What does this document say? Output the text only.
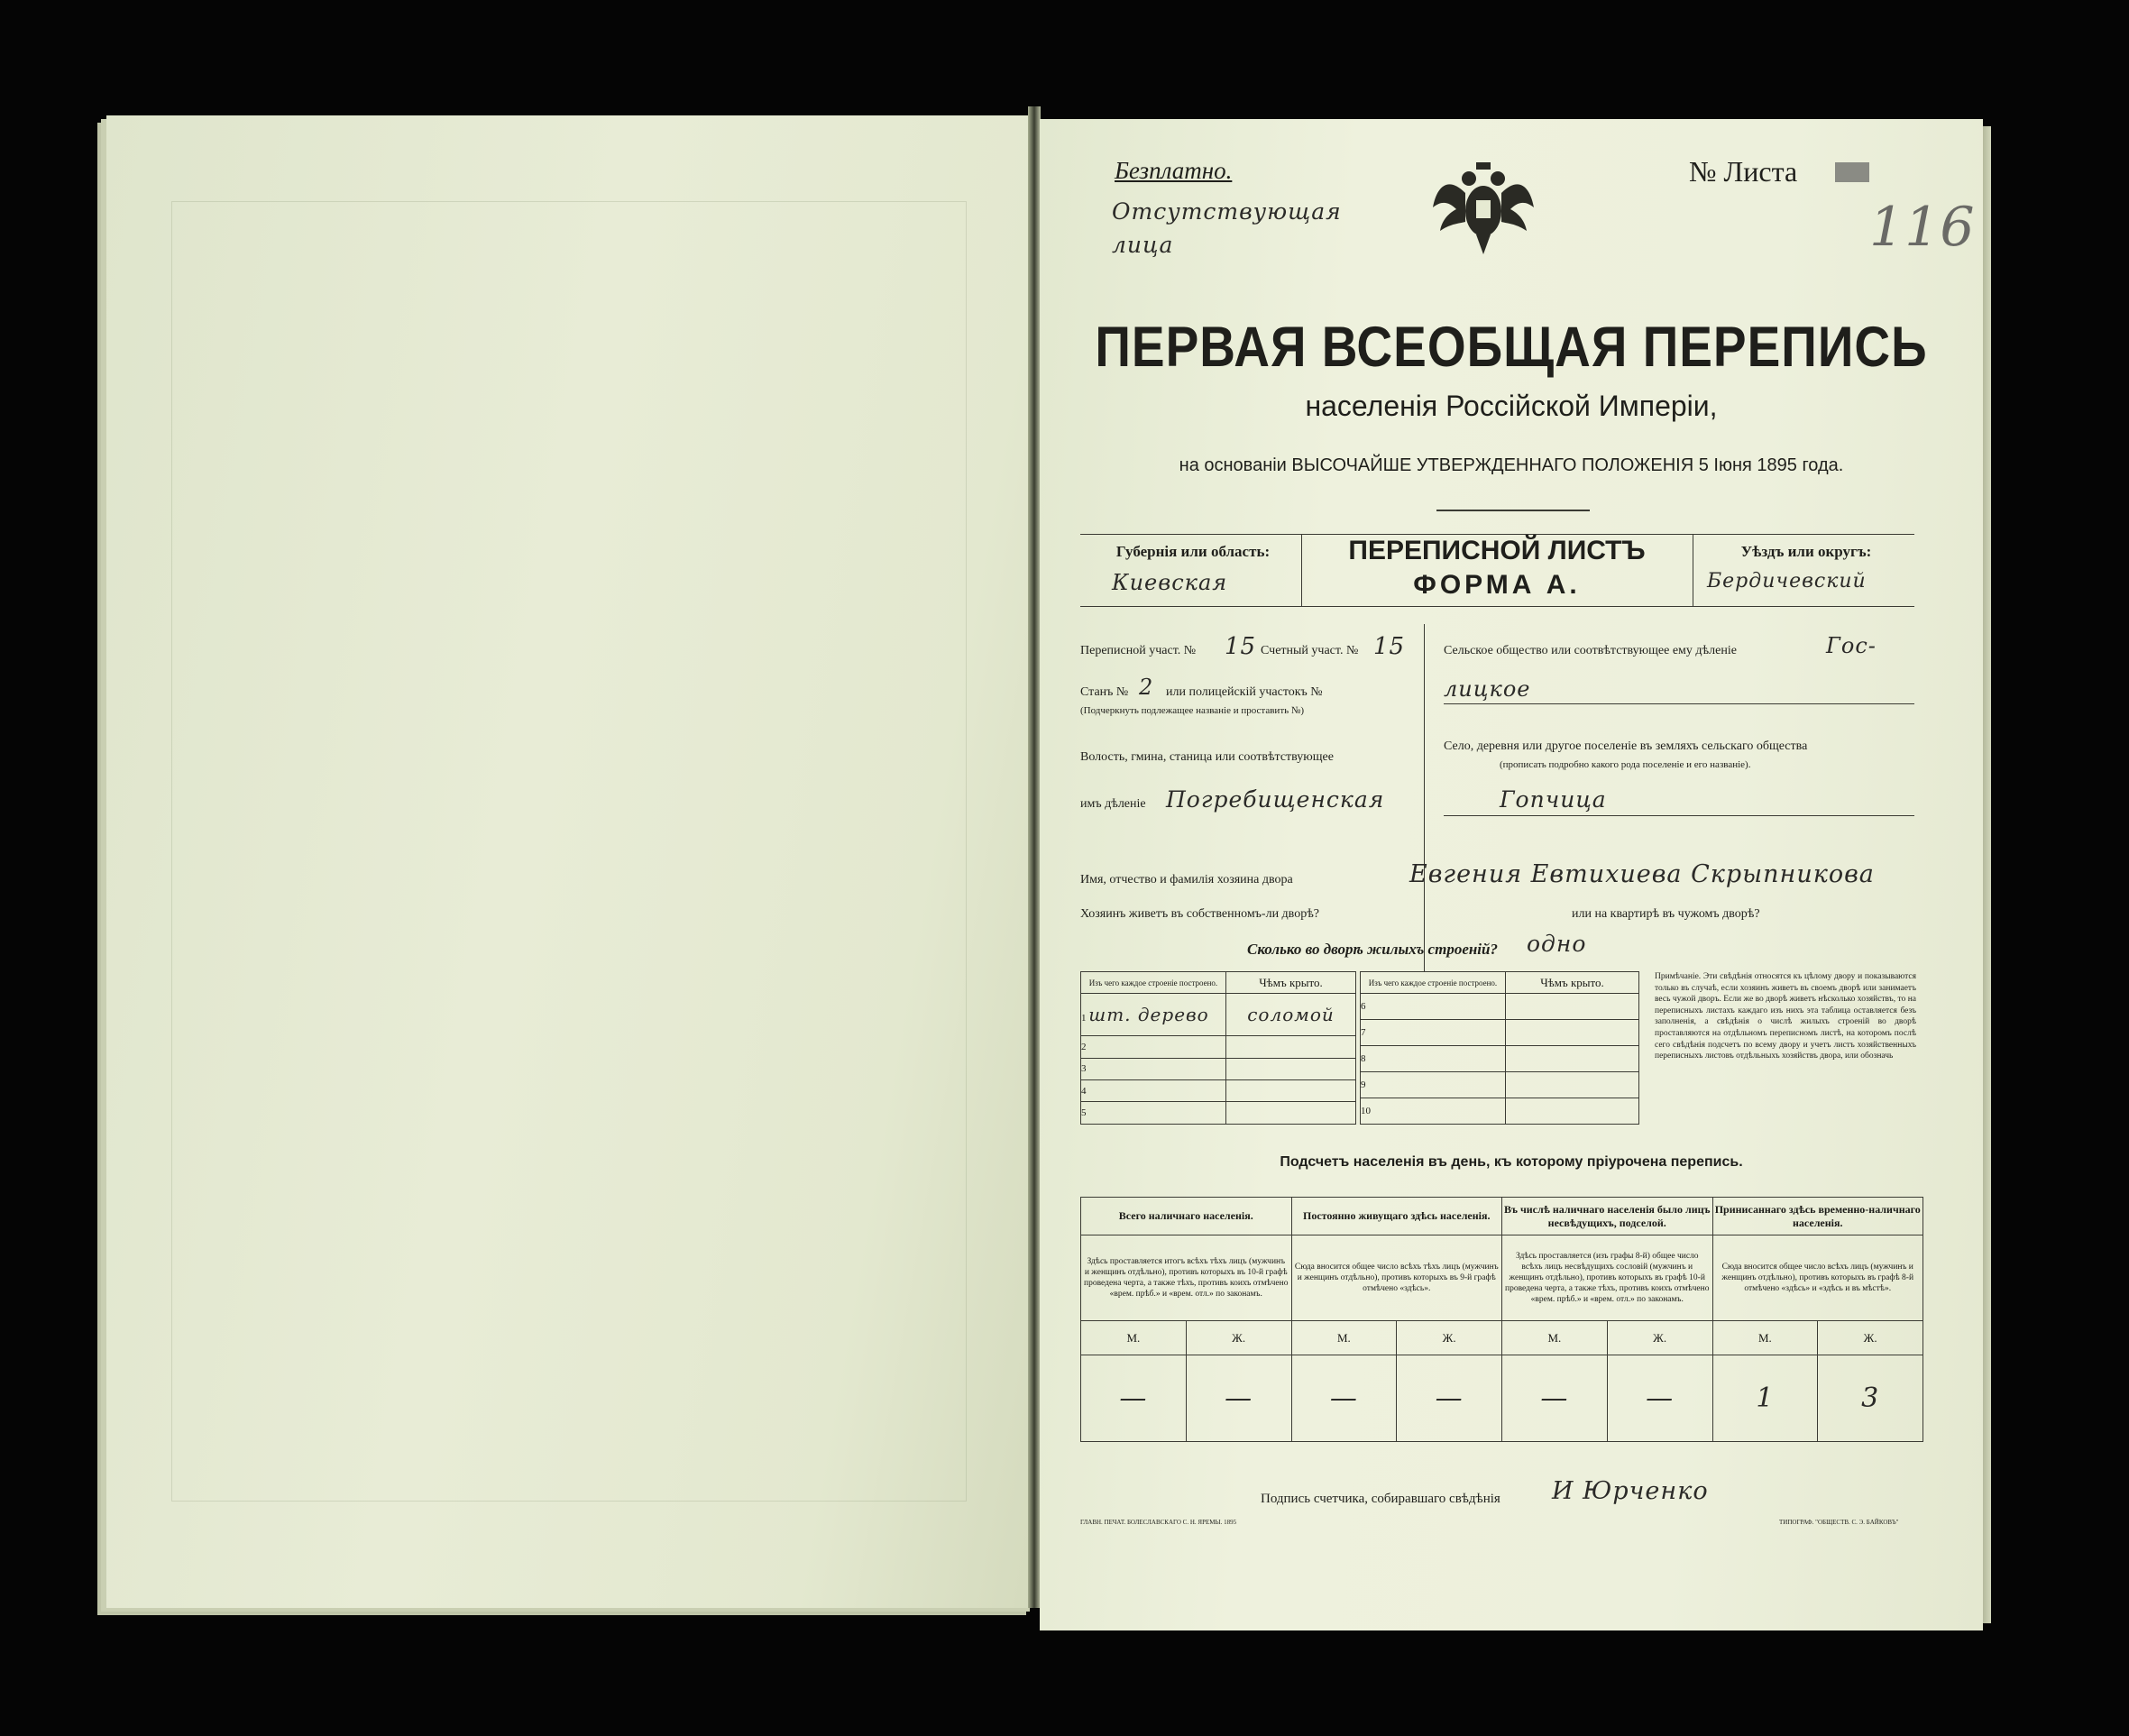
Безплатно.	№ Листа
116
Отсутствующая
лица
ПЕРВАЯ ВСЕОБЩАЯ ПЕРЕПИСЬ
населенія Россійской Имперіи,
на основаніи ВЫСОЧАЙШЕ УТВЕРЖДЕННАГО ПОЛОЖЕНІЯ 5 Іюня 1895 года.
Губернія или область:
Киевская
ПЕРЕПИСНОЙ ЛИСТЪ
ФОРМА А.
Уѣздъ или округъ:
Бердичевский
Переписной участ. № 15 Счетный участ. № 15
Станъ № 2 или полицейскій участокъ №
(Подчеркнуть подлежащее названіе и проставить №)
Волость, гмина, станица или соотвѣтствующее
имъ дѣленіе Погребищенская
Сельское общество или соотвѣтствующее ему дѣленіе	Гос-
лицкое
Село, деревня или другое поселеніе въ земляхъ сельскаго общества
(прописать подробно какого рода поселеніе и его названіе).
Гопчица
Имя, отчество и фамилія хозяина двора	Евгения Евтихиева Скрыпникова
Хозяинъ живетъ въ собственномъ-ли дворѣ?	или на квартирѣ въ чужомъ дворѣ?
Сколько во дворѣ жилыхъ строеній? одно
Изъ чего каждое строеніе построено.	Чѣмъ крыто.
1 шт. дерево	соломой
2	
3	
4	
5	
Изъ чего каждое строеніе построено.	Чѣмъ крыто.
6	
7	
8	
9	
10	
Примѣчаніе. Эти свѣдѣнія относятся къ цѣлому двору и показываются только въ случаѣ, если хозяинъ живетъ въ своемъ дворѣ или занимаетъ весь чужой дворъ. Если же во дворѣ живетъ нѣсколько хозяйствъ, то на переписныхъ листахъ каждаго изъ нихъ эта таблица оставляется безъ заполненія, а свѣдѣнія о числѣ жилыхъ строеній во дворѣ проставляются на отдѣльномъ переписномъ листѣ, на которомъ послѣ сего свѣдѣнія подсчетъ по всему двору и учетъ листъ хозяйственныхъ переписныхъ листовъ отдѣльныхъ хозяйствъ двора, или обозначь
Подсчетъ населенія въ день, къ которому пріурочена перепись.
Всего наличнаго населенія.		Постоянно живущаго здѣсь населенія.		Въ числѣ наличнаго населенія было лицъ несвѣдущихъ, подселой.		Принисаннаго здѣсь временно-наличнаго населенія.	
Здѣсь проставляется итогъ всѣхъ тѣхъ лицъ (мужчинъ и женщинъ отдѣльно), противъ которыхъ въ 10-й графѣ проведена черта, а также тѣхъ, противъ коихъ отмѣчено «врем. прѣб.» и «врем. отл.» по законамъ.		Сюда вносится общее число всѣхъ тѣхъ лицъ (мужчинъ и женщинъ отдѣльно), противъ которыхъ въ 9-й графѣ отмѣчено «здѣсь».		Здѣсь проставляется (изъ графы 8-й) общее число всѣхъ лицъ несвѣдущихъ сословій (мужчинъ и женщинъ отдѣльно), противъ которыхъ въ графѣ 10-й проведена черта, а также тѣхъ, противъ коихъ отмѣчено «врем. прѣб.» и «врем. отл.» по законамъ.		Сюда вносится общее число всѣхъ лицъ (мужчинъ и женщинъ отдѣльно), противъ которыхъ въ графѣ 8-й отмѣчено «здѣсь» и «здѣсь и въ мѣстѣ».	
М.	Ж.	М.	Ж.	М.	Ж.	М.	Ж.
—	—	—	—	—	—	1	3
Подпись счетчика, собиравшаго свѣдѣнія И Юрченко
ГЛАВН. ПЕЧАТ. БОЛЕСЛАВСКАГО С. Н. ЯРЕМЫ. 1895	ТИПОГРАФ. "ОБЩЕСТВ. С. Э. БАЙКОВЪ"
